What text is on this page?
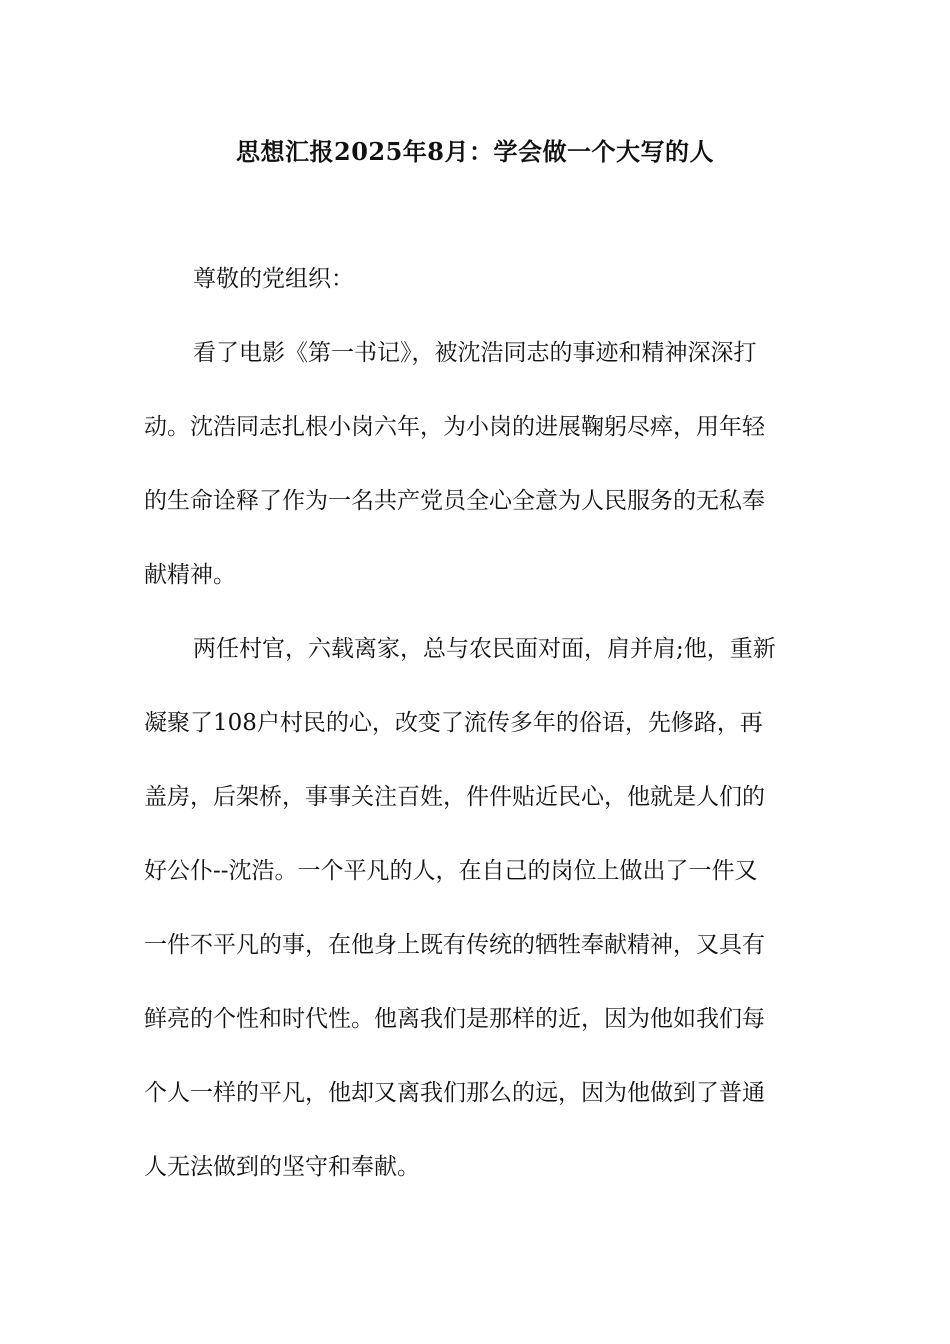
思想汇报2025年8月：学会做一个大写的人
尊敬的党组织：
看了电影《第一书记》，被沈浩同志的事迹和精神深深打
动。沈浩同志扎根小岗六年，为小岗的进展鞠躬尽瘁，用年轻
的生命诠释了作为一名共产党员全心全意为人民服务的无私奉
献精神。
两任村官，六载离家，总与农民面对面，肩并肩;他，重新
凝聚了108户村民的心，改变了流传多年的俗语，先修路，再
盖房，后架桥，事事关注百姓，件件贴近民心，他就是人们的
好公仆--沈浩。一个平凡的人，在自己的岗位上做出了一件又
一件不平凡的事，在他身上既有传统的牺牲奉献精神，又具有
鲜亮的个性和时代性。他离我们是那样的近，因为他如我们每
个人一样的平凡，他却又离我们那么的远，因为他做到了普通
人无法做到的坚守和奉献。
